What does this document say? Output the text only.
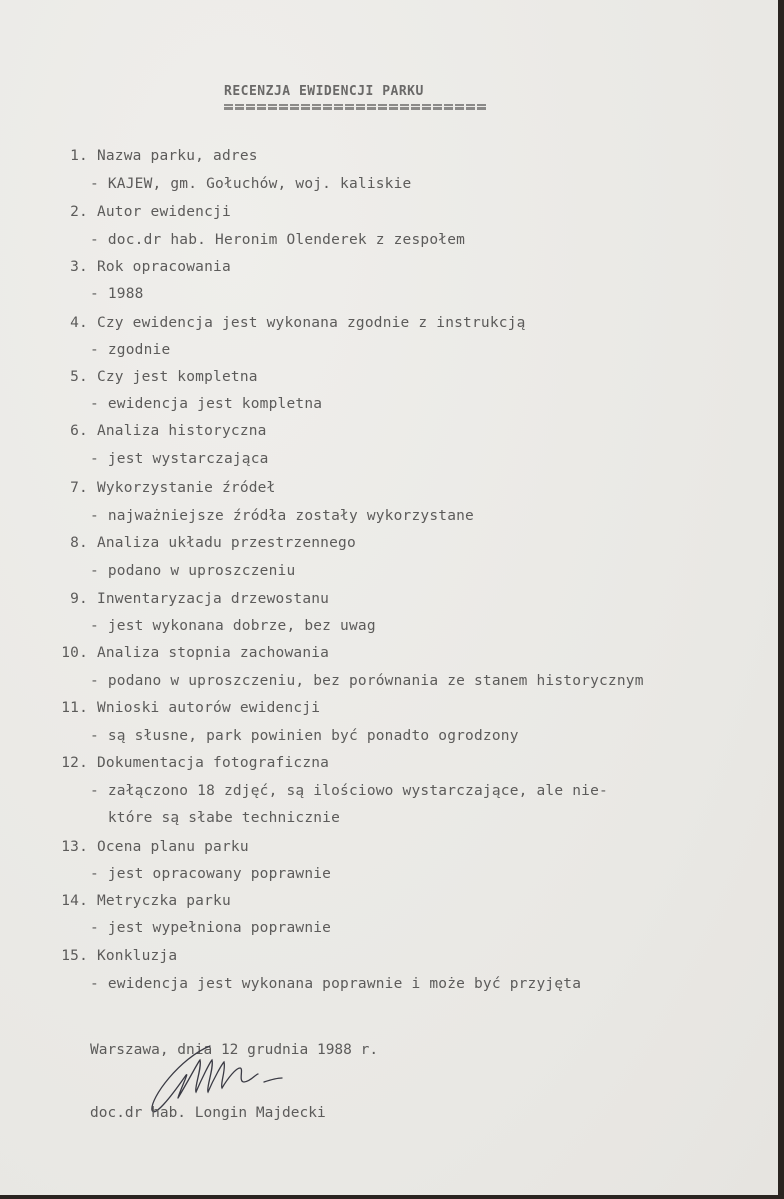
RECENZJA EWIDENCJI PARKU
1. Nazwa parku, adres
- KAJEW, gm. Gołuchów, woj. kaliskie
2. Autor ewidencji
- doc.dr hab. Heronim Olenderek z zespołem
3. Rok opracowania
- 1988
4. Czy ewidencja jest wykonana zgodnie z instrukcją
- zgodnie
5. Czy jest kompletna
- ewidencja jest kompletna
6. Analiza historyczna
- jest wystarczająca
7. Wykorzystanie źródeł
- najważniejsze źródła zostały wykorzystane
8. Analiza układu przestrzennego
- podano w uproszczeniu
9. Inwentaryzacja drzewostanu
- jest wykonana dobrze, bez uwag
10. Analiza stopnia zachowania
- podano w uproszczeniu, bez porównania ze stanem historycznym
11. Wnioski autorów ewidencji
- są słusne, park powinien być ponadto ogrodzony
12. Dokumentacja fotograficzna
- załączono 18 zdjęć, są ilościowo wystarczające, ale nie-
które są słabe technicznie
13. Ocena planu parku
- jest opracowany poprawnie
14. Metryczka parku
- jest wypełniona poprawnie
15. Konkluzja
- ewidencja jest wykonana poprawnie i może być przyjęta
Warszawa, dnia 12 grudnia 1988 r.
doc.dr hab. Longin Majdecki
